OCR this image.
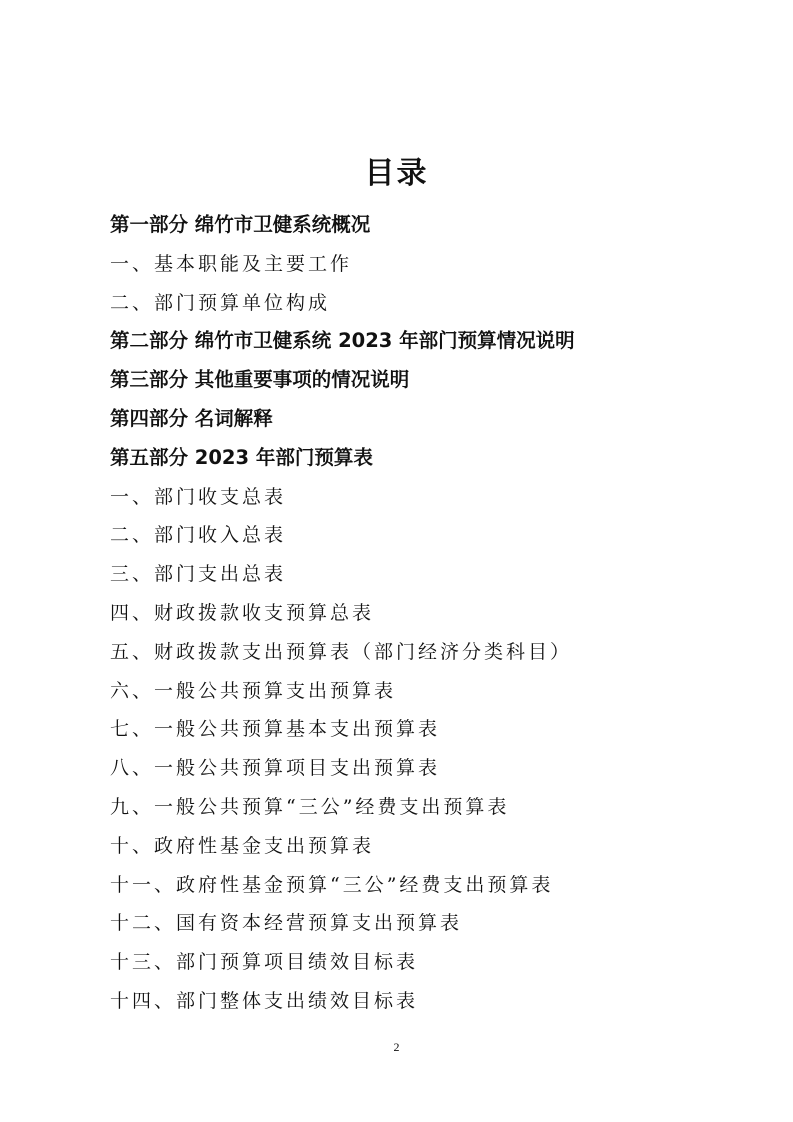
目录
第一部分 绵竹市卫健系统概况
一、基本职能及主要工作
二、部门预算单位构成
第二部分 绵竹市卫健系统 2023 年部门预算情况说明
第三部分 其他重要事项的情况说明
第四部分 名词解释
第五部分 2023 年部门预算表
一、部门收支总表
二、部门收入总表
三、部门支出总表
四、财政拨款收支预算总表
五、财政拨款支出预算表（部门经济分类科目）
六、一般公共预算支出预算表
七、一般公共预算基本支出预算表
八、一般公共预算项目支出预算表
九、一般公共预算“三公”经费支出预算表
十、政府性基金支出预算表
十一、政府性基金预算“三公”经费支出预算表
十二、国有资本经营预算支出预算表
十三、部门预算项目绩效目标表
十四、部门整体支出绩效目标表
2
